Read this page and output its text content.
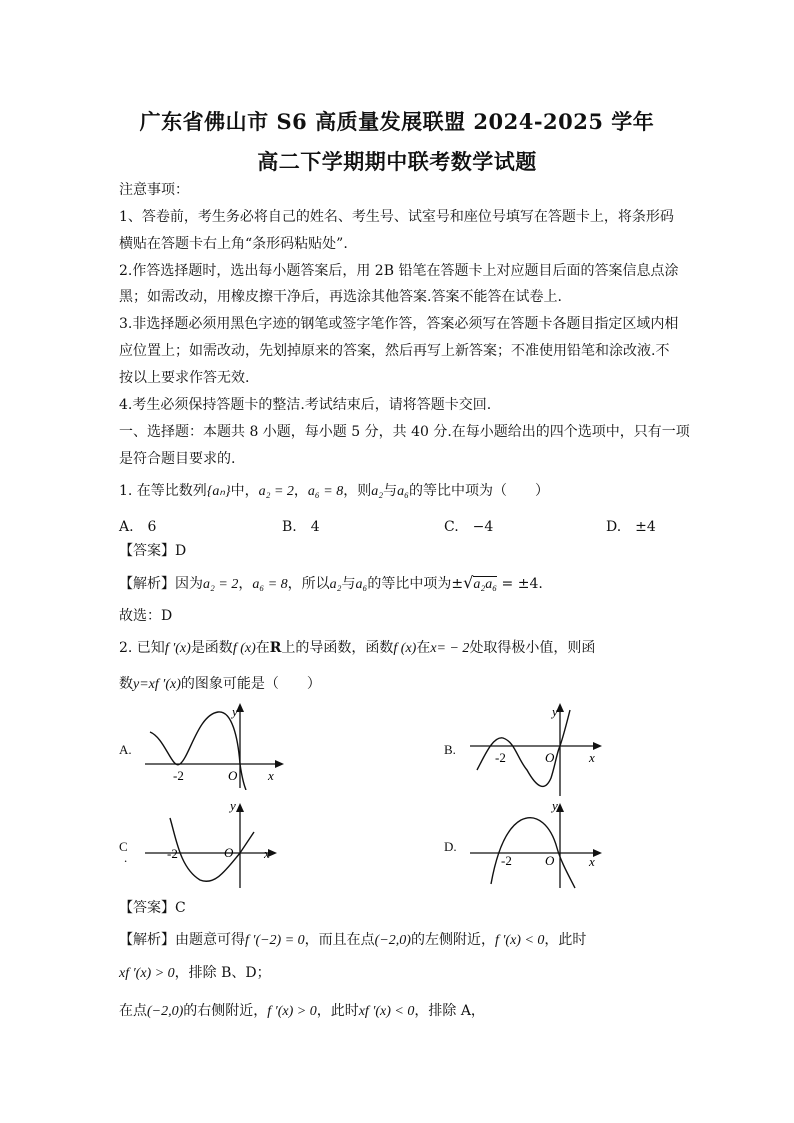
广东省佛山市 S6 高质量发展联盟 2024-2025 学年
高二下学期期中联考数学试题
注意事项：
1、答卷前，考生务必将自己的姓名、考生号、试室号和座位号填写在答题卡上，将条形码
横贴在答题卡右上角“条形码粘贴处”.
2.作答选择题时，选出每小题答案后，用 2B 铅笔在答题卡上对应题目后面的答案信息点涂
黑；如需改动，用橡皮擦干净后，再选涂其他答案.答案不能答在试卷上.
3.非选择题必须用黑色字迹的钢笔或签字笔作答，答案必须写在答题卡各题目指定区域内相
应位置上；如需改动，先划掉原来的答案，然后再写上新答案；不准使用铅笔和涂改液.不
按以上要求作答无效.
4.考生必须保持答题卡的整洁.考试结束后，请将答题卡交回.
一、选择题：本题共 8 小题，每小题 5 分，共 40 分.在每小题给出的四个选项中，只有一项
是符合题目要求的.
1. 在等比数列{aₙ}中，a₂ = 2，a₆ = 8，则a₂与a₆的等比中项为（　　）
A.　6	B.　4	C.　−4	D.　±4
【答案】D
【解析】因为a₂ = 2，a₆ = 8，所以a₂与a₆的等比中项为±√a₂a₆ = ±4.
故选：D
2. 已知f ′(x)是函数f (x)在R上的导函数，函数f (x)在x= − 2处取得极小值，则函
数y=xf ′(x)的图象可能是（　　）
A.	B.
C
.
D.
y
x
O
-2
y
x
O
-2
y
x
O
-2
y
x
O
-2
【答案】C
【解析】由题意可得f ′(−2) = 0，而且在点(−2,0)的左侧附近，f ′(x) < 0，此时
xf ′(x) > 0，排除 B、D；
在点(−2,0)的右侧附近，f ′(x) > 0，此时xf ′(x) < 0，排除 A，
